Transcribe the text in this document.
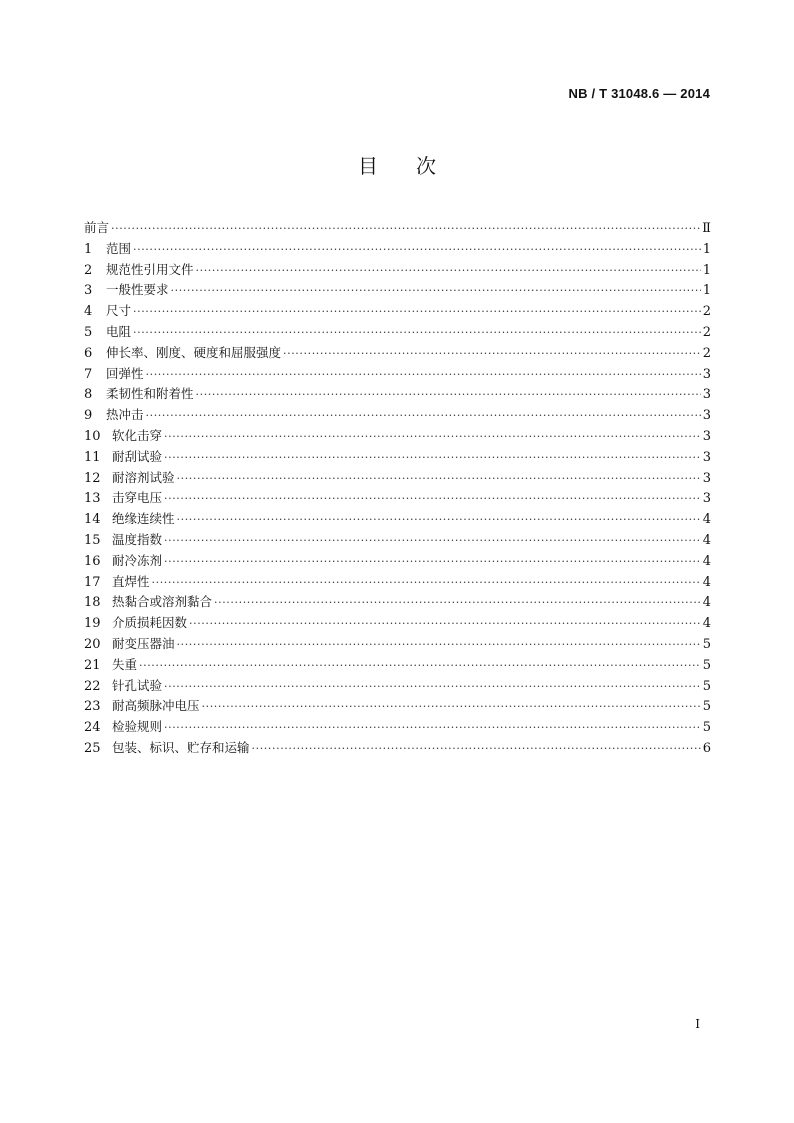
NB / T 31048.6 — 2014
目次
前言 ·····	Ⅱ
1	范围 ·····	1
2	规范性引用文件 ·····	1
3	一般性要求 ·····	1
4	尺寸 ·····	2
5	电阻 ·····	2
6	伸长率、刚度、硬度和屈服强度 ·····	2
7	回弹性 ·····	3
8	柔韧性和附着性 ·····	3
9	热冲击 ·····	3
10 软化击穿 ·····	3
11 耐刮试验 ·····	3
12 耐溶剂试验 ·····	3
13 击穿电压 ·····	3
14 绝缘连续性 ·····	4
15 温度指数 ·····	4
16 耐冷冻剂 ·····	4
17 直焊性 ·····	4
18 热黏合或溶剂黏合 ·····	4
19 介质损耗因数 ·····	4
20 耐变压器油 ·····	5
21 失重 ·····	5
22 针孔试验 ·····	5
23 耐高频脉冲电压 ·····	5
24 检验规则 ·····	5
25 包装、标识、贮存和运输 ·····	6
I
